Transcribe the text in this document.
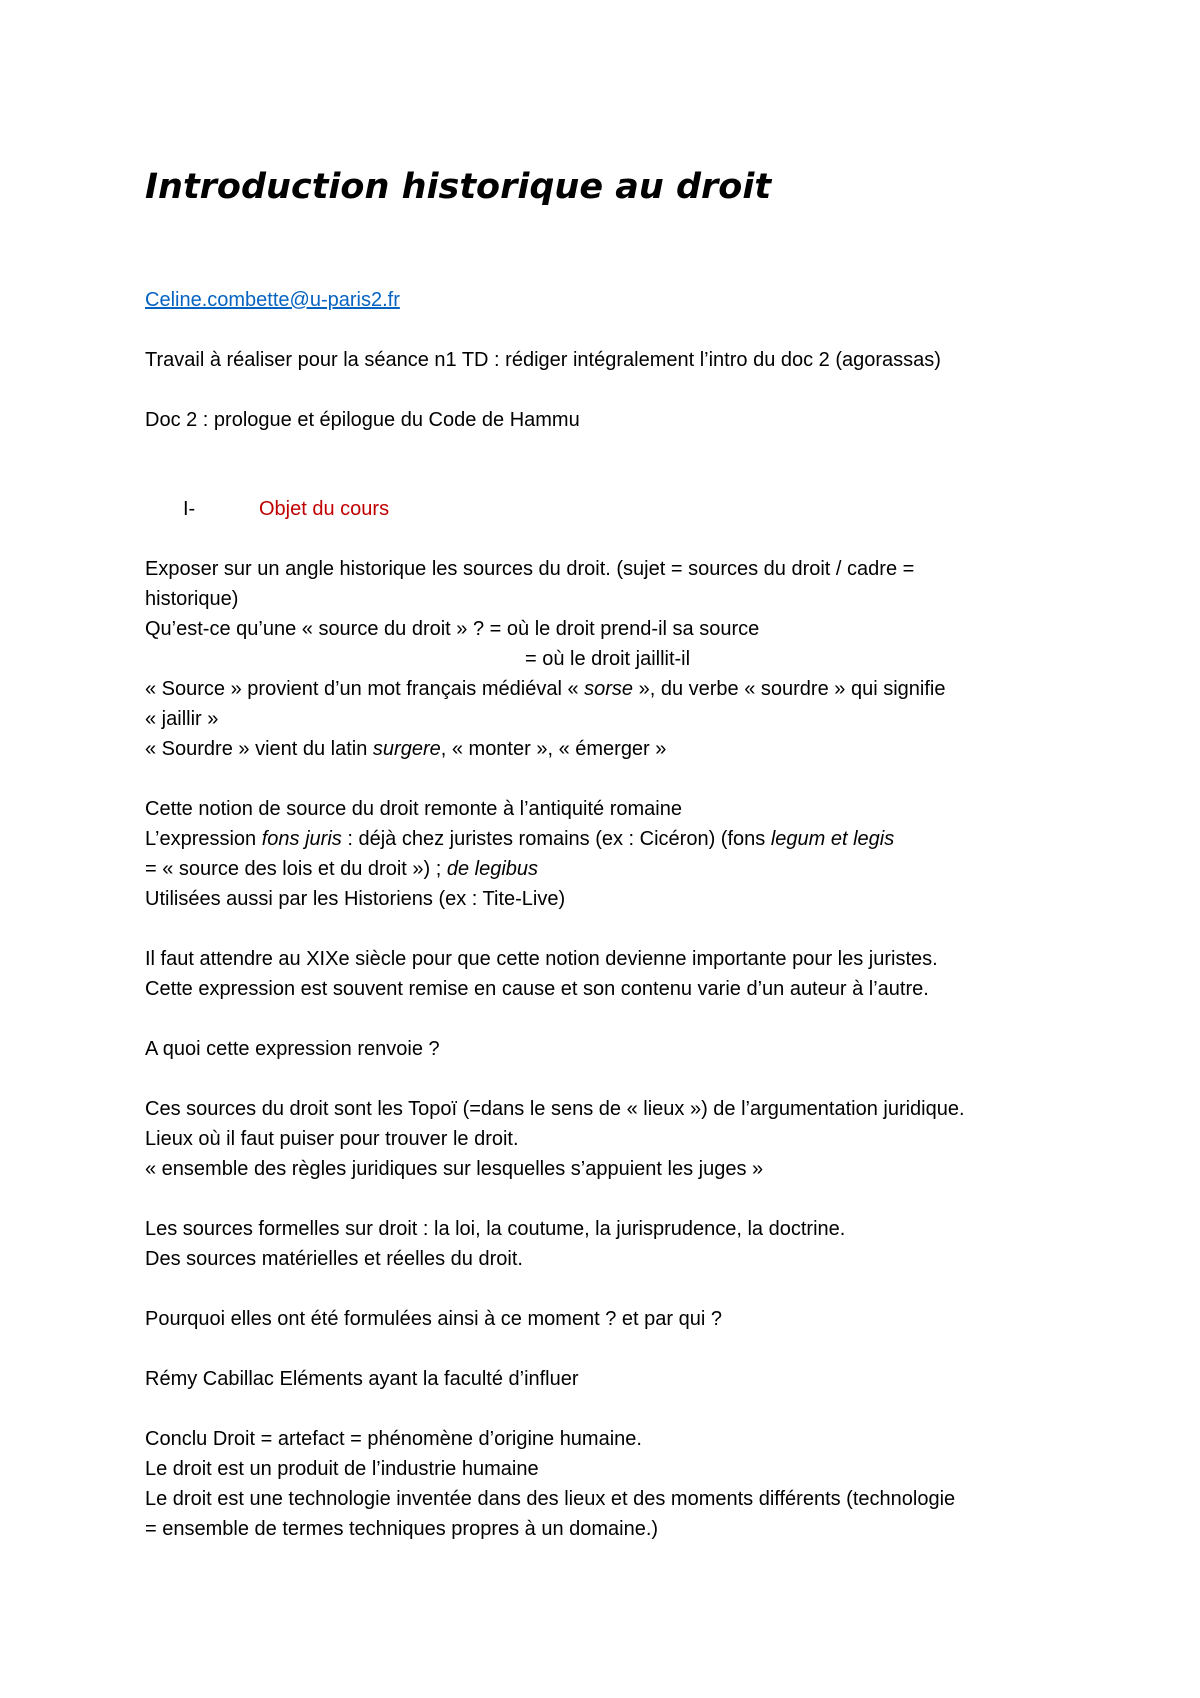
Introduction historique au droit
Celine.combette@u-paris2.fr
Travail à réaliser pour la séance n1 TD : rédiger intégralement l’intro du doc 2 (agorassas)
Doc 2 : prologue et épilogue du Code de Hammu
I-	Objet du cours
Exposer sur un angle historique les sources du droit. (sujet = sources du droit / cadre =
historique)
Qu’est-ce qu’une « source du droit » ? = où le droit prend-il sa source
= où le droit jaillit-il
« Source » provient d’un mot français médiéval « sorse », du verbe « sourdre » qui signifie
« jaillir »
« Sourdre » vient du latin surgere, « monter », « émerger »
Cette notion de source du droit remonte à l’antiquité romaine
L’expression fons juris : déjà chez juristes romains (ex : Cicéron) (fons legum et legis
= « source des lois et du droit ») ; de legibus
Utilisées aussi par les Historiens (ex : Tite-Live)
Il faut attendre au XIXe siècle pour que cette notion devienne importante pour les juristes.
Cette expression est souvent remise en cause et son contenu varie d’un auteur à l’autre.
A quoi cette expression renvoie ?
Ces sources du droit sont les Topoï (=dans le sens de « lieux ») de l’argumentation juridique.
Lieux où il faut puiser pour trouver le droit.
« ensemble des règles juridiques sur lesquelles s’appuient les juges »
Les sources formelles sur droit : la loi, la coutume, la jurisprudence, la doctrine.
Des sources matérielles et réelles du droit.
Pourquoi elles ont été formulées ainsi à ce moment ? et par qui ?
Rémy Cabillac Eléments ayant la faculté d’influer
Conclu Droit = artefact = phénomène d’origine humaine.
Le droit est un produit de l’industrie humaine
Le droit est une technologie inventée dans des lieux et des moments différents (technologie
= ensemble de termes techniques propres à un domaine.)
